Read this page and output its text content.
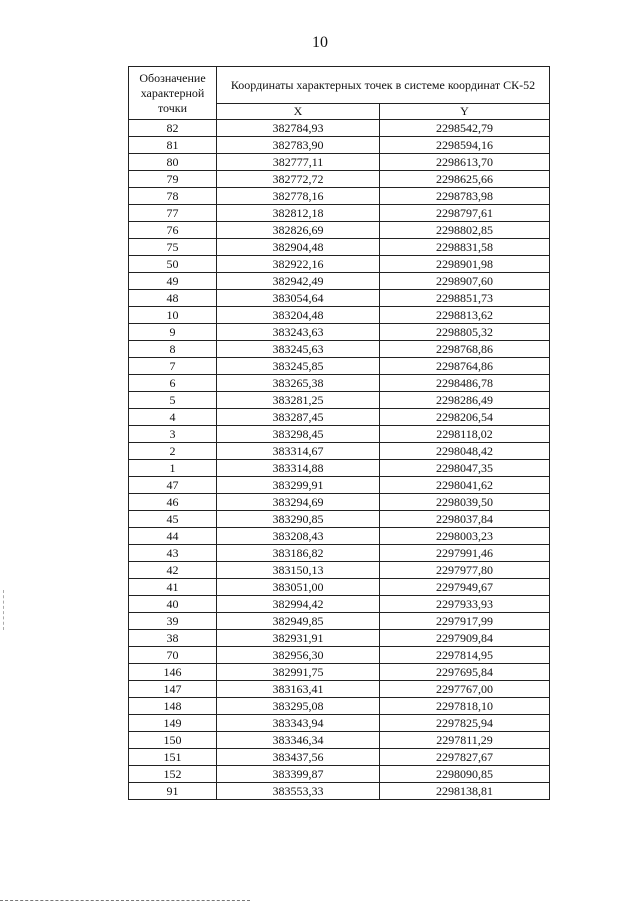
10
Обозначение характерной точки	Координаты характерных точек в системе координат СК-52	
	X	Y
82	382784,93	2298542,79
81	382783,90	2298594,16
80	382777,11	2298613,70
79	382772,72	2298625,66
78	382778,16	2298783,98
77	382812,18	2298797,61
76	382826,69	2298802,85
75	382904,48	2298831,58
50	382922,16	2298901,98
49	382942,49	2298907,60
48	383054,64	2298851,73
10	383204,48	2298813,62
9	383243,63	2298805,32
8	383245,63	2298768,86
7	383245,85	2298764,86
6	383265,38	2298486,78
5	383281,25	2298286,49
4	383287,45	2298206,54
3	383298,45	2298118,02
2	383314,67	2298048,42
1	383314,88	2298047,35
47	383299,91	2298041,62
46	383294,69	2298039,50
45	383290,85	2298037,84
44	383208,43	2298003,23
43	383186,82	2297991,46
42	383150,13	2297977,80
41	383051,00	2297949,67
40	382994,42	2297933,93
39	382949,85	2297917,99
38	382931,91	2297909,84
70	382956,30	2297814,95
146	382991,75	2297695,84
147	383163,41	2297767,00
148	383295,08	2297818,10
149	383343,94	2297825,94
150	383346,34	2297811,29
151	383437,56	2297827,67
152	383399,87	2298090,85
91	383553,33	2298138,81
